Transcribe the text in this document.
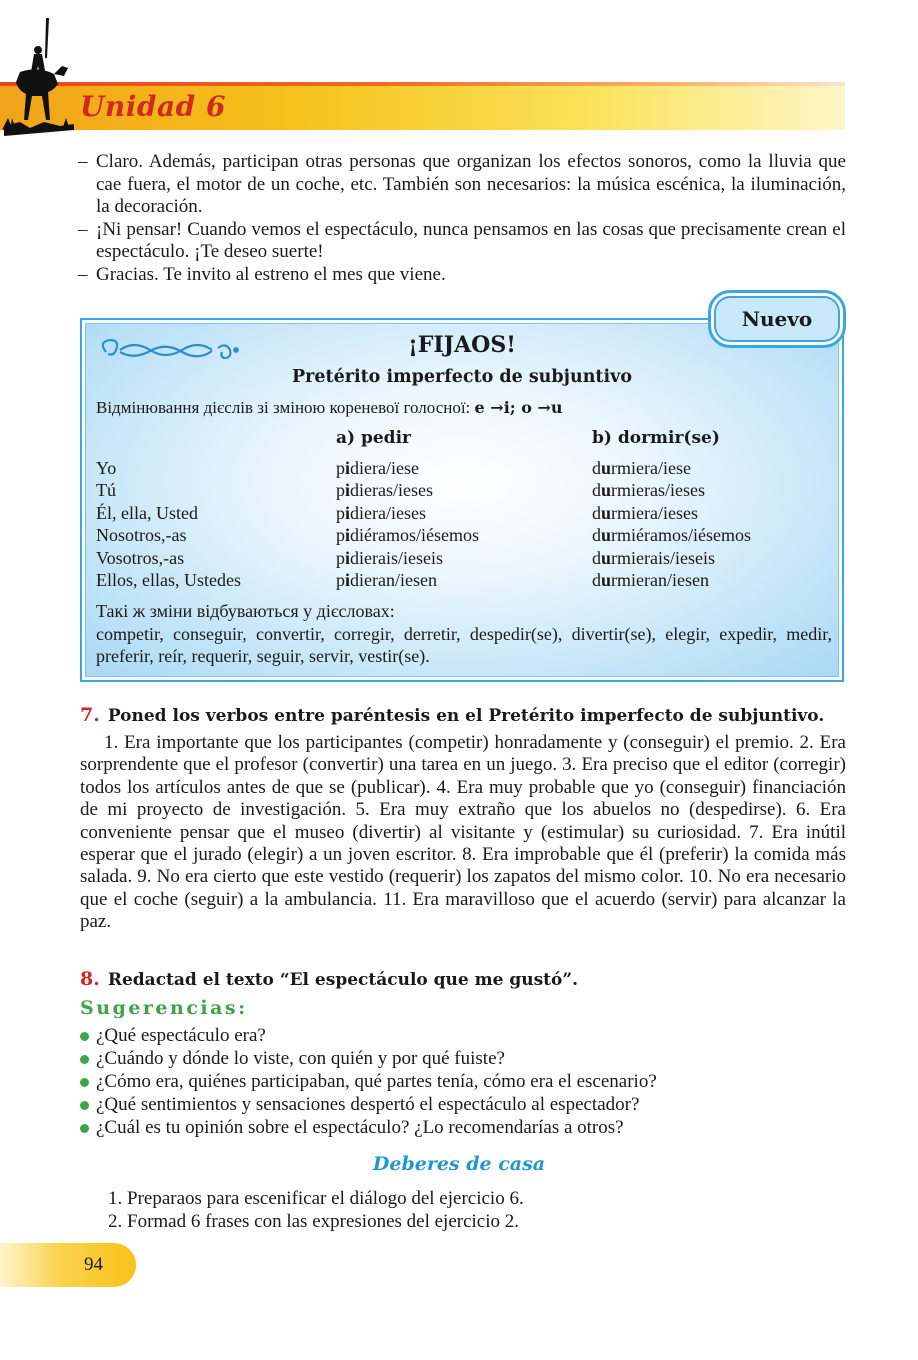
Unidad 6
– Claro. Además, participan otras personas que organizan los efectos sonoros, como la lluvia que cae fuera, el motor de un coche, etc. También son necesarios: la música escénica, la iluminación, la decoración.
– ¡Ni pensar! Cuando vemos el espectáculo, nunca pensamos en las cosas que precisamente crean el espectáculo. ¡Te deseo suerte!
– Gracias. Te invito al estreno el mes que viene.
Nuevo
¡FIJAOS!
Pretérito imperfecto de subjuntivo
Відмінювання дієслів зі зміною кореневої голосної: e →i; o →u
a) pedir	b) dormir(se)
Yo	pidiera/iese	durmiera/iese
Tú	pidieras/ieses	durmieras/ieses
Él, ella, Usted	pidiera/ieses	durmiera/ieses
Nosotros,-as	pidiéramos/iésemos	durmiéramos/iésemos
Vosotros,-as	pidierais/ieseis	durmierais/ieseis
Ellos, ellas, Ustedes	pidieran/iesen	durmieran/iesen
Такі ж зміни відбуваються у дієсловах:
competir, conseguir, convertir, corregir, derretir, despedir(se), divertir(se), elegir, expedir, medir, preferir, reír, requerir, seguir, servir, vestir(se).
7. Poned los verbos entre paréntesis en el Pretérito imperfecto de subjuntivo.
1. Era importante que los participantes (competir) honradamente y (conseguir) el premio. 2. Era sorprendente que el profesor (convertir) una tarea en un juego. 3. Era preciso que el editor (corregir) todos los artículos antes de que se (publicar). 4. Era muy probable que yo (conseguir) financiación de mi proyecto de investigación. 5. Era muy extraño que los abuelos no (despedirse). 6. Era conveniente pensar que el museo (divertir) al visitante y (estimular) su curiosidad. 7. Era inútil esperar que el jurado (elegir) a un joven escritor. 8. Era improbable que él (preferir) la comida más salada. 9. No era cierto que este vestido (requerir) los zapatos del mismo color. 10. No era necesario que el coche (seguir) a la ambulancia. 11. Era maravilloso que el acuerdo (servir) para alcanzar la paz.
8. Redactad el texto “El espectáculo que me gustó”.
Sugerencias:
¿Qué espectáculo era?
¿Cuándo y dónde lo viste, con quién y por qué fuiste?
¿Cómo era, quiénes participaban, qué partes tenía, cómo era el escenario?
¿Qué sentimientos y sensaciones despertó el espectáculo al espectador?
¿Cuál es tu opinión sobre el espectáculo? ¿Lo recomendarías a otros?
Deberes de casa
1. Preparaos para escenificar el diálogo del ejercicio 6.
2. Formad 6 frases con las expresiones del ejercicio 2.
94
